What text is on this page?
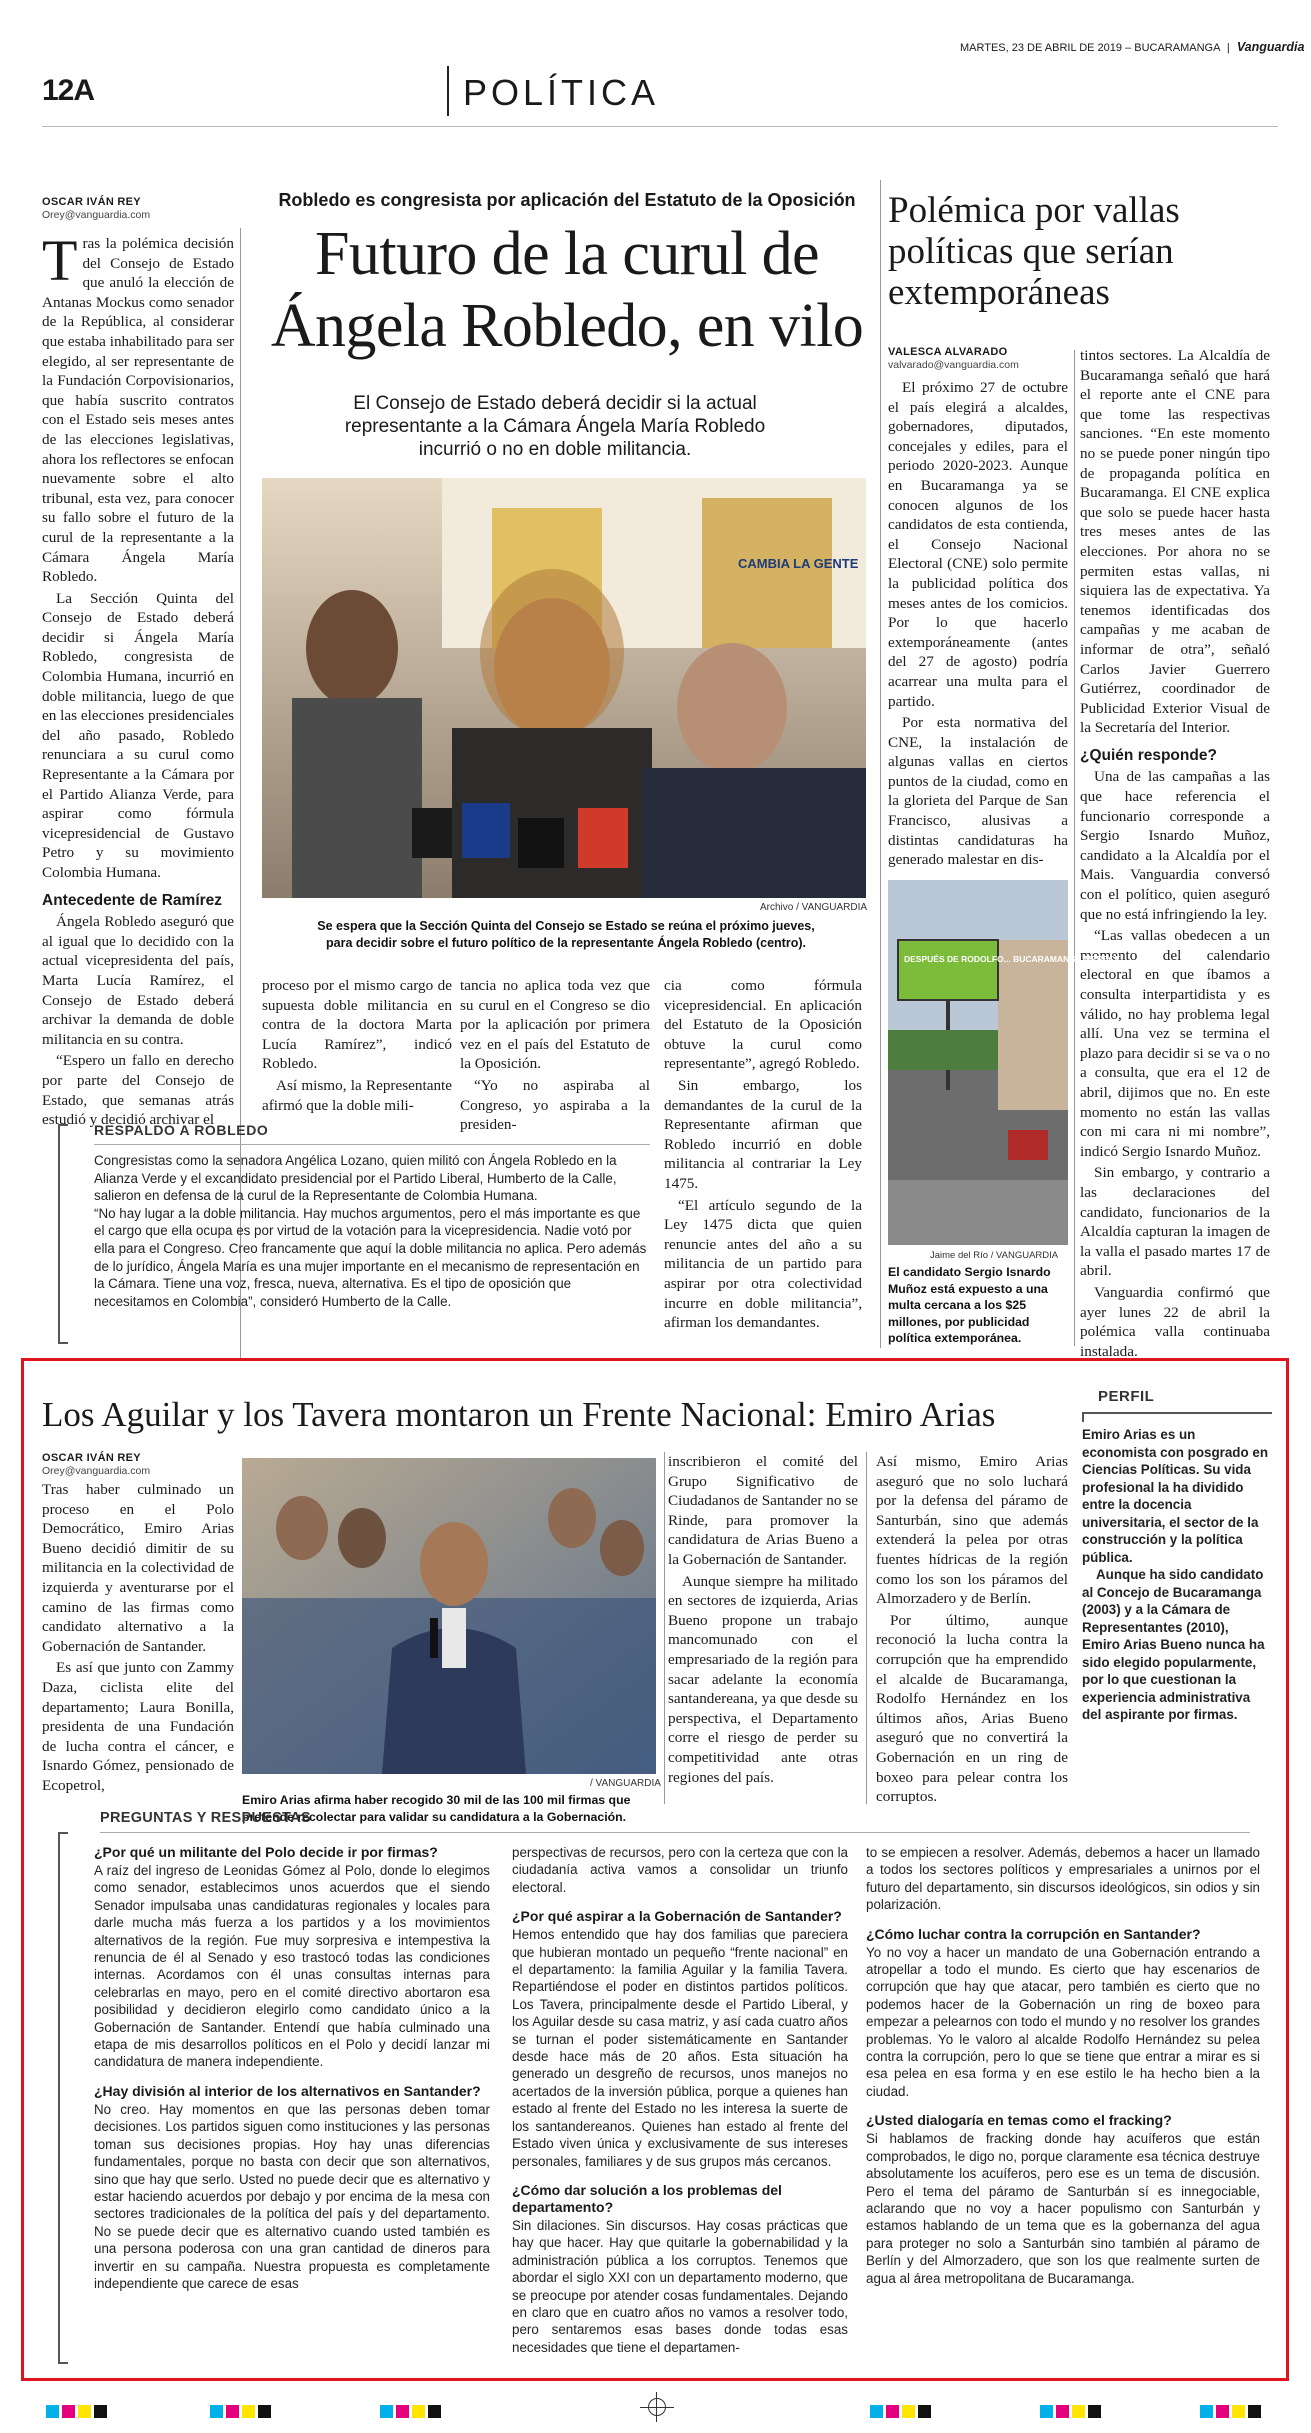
MARTES, 23 DE ABRIL DE 2019 – BUCARAMANGA | Vanguardia
12A	POLÍTICA
OSCAR IVÁN REY
Orey@vanguardia.com
Robledo es congresista por aplicación del Estatuto de la Oposición
Futuro de la curul de
Ángela Robledo, en vilo
El Consejo de Estado deberá decidir si la actual representante a la Cámara Ángela María Robledo incurrió o no en doble militancia.

Tras la polémica decisión del Consejo de Estado que anuló la elección de Antanas Mockus como senador de la República, al considerar que estaba inhabilitado para ser elegido, al ser representante de la Fundación Corpovisionarios, que había suscrito contratos con el Estado seis meses antes de las elecciones legislativas, ahora los reflectores se enfocan nuevamente sobre el alto tribunal, esta vez, para conocer su fallo sobre el futuro de la curul de la representante a la Cámara Ángela María Robledo.

La Sección Quinta del Consejo de Estado deberá decidir si Ángela María Robledo, congresista de Colombia Humana, incurrió en doble militancia, luego de que en las elecciones presidenciales del año pasado, Robledo renunciara a su curul como Representante a la Cámara por el Partido Alianza Verde, para aspirar como fórmula vicepresidencial de Gustavo Petro y su movimiento Colombia Humana.

Antecedente de Ramírez

Ángela Robledo aseguró que al igual que lo decidido con la actual vicepresidenta del país, Marta Lucía Ramírez, el Consejo de Estado deberá archivar la demanda de doble militancia en su contra.

“Espero un fallo en derecho por parte del Consejo de Estado, que semanas atrás estudió y decidió archivar el

CAMBIA LA GENTE
Archivo / VANGUARDIA
Se espera que la Sección Quinta del Consejo se Estado se reúna el próximo jueves, para decidir sobre el futuro político de la representante Ángela Robledo (centro).

proceso por el mismo cargo de supuesta doble militancia en contra de la doctora Marta Lucía Ramírez”, indicó Robledo.

Así mismo, la Representante afirmó que la doble mili-

tancia no aplica toda vez que su curul en el Congreso se dio por la aplicación por primera vez en el país del Estatuto de la Oposición.

“Yo no aspiraba al Congreso, yo aspiraba a la presiden-

cia como fórmula vicepresidencial. En aplicación del Estatuto de la Oposición obtuve la curul como representante”, agregó Robledo.

Sin embargo, los demandantes de la curul de la Representante afirman que Robledo incurrió en doble militancia al contrariar la Ley 1475.

“El artículo segundo de la Ley 1475 dicta que quien renuncie antes del año a su militancia de un partido para aspirar por otra colectividad incurre en doble militancia”, afirman los demandantes.

RESPALDO A ROBLEDO

Congresistas como la senadora Angélica Lozano, quien militó con Ángela Robledo en la Alianza Verde y el excandidato presidencial por el Partido Liberal, Humberto de la Calle, salieron en defensa de la curul de la Representante de Colombia Humana.

“No hay lugar a la doble militancia. Hay muchos argumentos, pero el más importante es que el cargo que ella ocupa es por virtud de la votación para la vicepresidencia. Nadie votó por ella para el Congreso. Creo francamente que aquí la doble militancia no aplica. Pero además de lo jurídico, Ángela María es una mujer importante en el mecanismo de representación en la Cámara. Tiene una voz, fresca, nueva, alternativa. Es el tipo de oposición que necesitamos en Colombia”, consideró Humberto de la Calle.

Polémica por vallas políticas que serían extemporáneas
VALESCA ALVARADO
valvarado@vanguardia.com

El próximo 27 de octubre el país elegirá a alcaldes, gobernadores, diputados, concejales y ediles, para el periodo 2020-2023. Aunque en Bucaramanga ya se conocen algunos de los candidatos de esta contienda, el Consejo Nacional Electoral (CNE) solo permite la publicidad política dos meses antes de los comicios. Por lo que hacerlo extemporáneamente (antes del 27 de agosto) podría acarrear una multa para el partido.

Por esta normativa del CNE, la instalación de algunas vallas en ciertos puntos de la ciudad, como en la glorieta del Parque de San Francisco, alusivas a distintas candidaturas ha generado malestar en dis-

tintos sectores. La Alcaldía de Bucaramanga señaló que hará el reporte ante el CNE para que tome las respectivas sanciones. “En este momento no se puede poner ningún tipo de propaganda política en Bucaramanga. El CNE explica que solo se puede hacer hasta tres meses antes de las elecciones. Por ahora no se permiten estas vallas, ni siquiera las de expectativa. Ya tenemos identificadas dos campañas y me acaban de informar de otra”, señaló Carlos Javier Guerrero Gutiérrez, coordinador de Publicidad Exterior Visual de la Secretaría del Interior.

¿Quién responde?

Una de las campañas a las que hace referencia el funcionario corresponde a Sergio Isnardo Muñoz, candidato a la Alcaldía por el Mais. Vanguardia conversó con el político, quien aseguró que no está infringiendo la ley.

“Las vallas obedecen a un momento del calendario electoral en que íbamos a consulta interpartidista y es válido, no hay problema legal allí. Una vez se termina el plazo para decidir si se va o no a consulta, que era el 12 de abril, dijimos que no. En este momento no están las vallas con mi cara ni mi nombre”, indicó Sergio Isnardo Muñoz.

Sin embargo, y contrario a las declaraciones del candidato, funcionarios de la Alcaldía capturan la imagen de la valla el pasado martes 17 de abril.

Vanguardia confirmó que ayer lunes 22 de abril la polémica valla continuaba instalada.

DESPUÉS DE RODOLFO... BUCARAMANGA MERECE...
Jaime del Río / VANGUARDIA
El candidato Sergio Isnardo Muñoz está expuesto a una multa cercana a los $25 millones, por publicidad política extemporánea.
Los Aguilar y los Tavera montaron un Frente Nacional: Emiro Arias
OSCAR IVÁN REY
Orey@vanguardia.com

Tras haber culminado un proceso en el Polo Democrático, Emiro Arias Bueno decidió dimitir de su militancia en la colectividad de izquierda y aventurarse por el camino de las firmas como candidato alternativo a la Gobernación de Santander.

Es así que junto con Zammy Daza, ciclista elite del departamento; Laura Bonilla, presidenta de una Fundación de lucha contra el cáncer, e Isnardo Gómez, pensionado de Ecopetrol,	/ VANGUARDIA
Emiro Arias afirma haber recogido 30 mil de las 100 mil firmas que pretende recolectar para validar su candidatura a la Gobernación.

inscribieron el comité del Grupo Significativo de Ciudadanos de Santander no se Rinde, para promover la candidatura de Arias Bueno a la Gobernación de Santander.

Aunque siempre ha militado en sectores de izquierda, Arias Bueno propone un trabajo mancomunado con el empresariado de la región para sacar adelante la economía santandereana, ya que desde su perspectiva, el Departamento corre el riesgo de perder su competitividad ante otras regiones del país.

Así mismo, Emiro Arias aseguró que no solo luchará por la defensa del páramo de Santurbán, sino que además extenderá la pelea por otras fuentes hídricas de la región como los son los páramos del Almorzadero y de Berlín.

Por último, aunque reconoció la lucha contra la corrupción que ha emprendido el alcalde de Bucaramanga, Rodolfo Hernández en los últimos años, Arias Bueno aseguró que no convertirá la Gobernación en un ring de boxeo para pelear contra los corruptos.

PERFIL

Emiro Arias es un economista con posgrado en Ciencias Políticas. Su vida profesional la ha dividido entre la docencia universitaria, el sector de la construcción y la política pública.

Aunque ha sido candidato al Concejo de Bucaramanga (2003) y a la Cámara de Representantes (2010), Emiro Arias Bueno nunca ha sido elegido popularmente, por lo que cuestionan la experiencia administrativa del aspirante por firmas.

PREGUNTAS Y RESPUESTAS
¿Por qué un militante del Polo decide ir por firmas?

A raíz del ingreso de Leonidas Gómez al Polo, donde lo elegimos como senador, establecimos unos acuerdos que el siendo Senador impulsaba unas candidaturas regionales y locales para darle mucha más fuerza a los partidos y a los movimientos alternativos de la región. Fue muy sorpresiva e intempestiva la renuncia de él al Senado y eso trastocó todas las condiciones internas. Acordamos con él unas consultas internas para celebrarlas en mayo, pero en el comité directivo abortaron esa posibilidad y decidieron elegirlo como candidato único a la Gobernación de Santander. Entendí que había culminado una etapa de mis desarrollos políticos en el Polo y decidí lanzar mi candidatura de manera independiente.

¿Hay división al interior de los alternativos en Santander?

No creo. Hay momentos en que las personas deben tomar decisiones. Los partidos siguen como instituciones y las personas toman sus decisiones propias. Hoy hay unas diferencias fundamentales, porque no basta con decir que son alternativos, sino que hay que serlo. Usted no puede decir que es alternativo y estar haciendo acuerdos por debajo y por encima de la mesa con sectores tradicionales de la política del país y del departamento. No se puede decir que es alternativo cuando usted también es una persona poderosa con una gran cantidad de dineros para invertir en su campaña. Nuestra propuesta es completamente independiente que carece de esas

perspectivas de recursos, pero con la certeza que con la ciudadanía activa vamos a consolidar un triunfo electoral.

¿Por qué aspirar a la Gobernación de Santander?

Hemos entendido que hay dos familias que pareciera que hubieran montado un pequeño “frente nacional” en el departamento: la familia Aguilar y la familia Tavera. Repartiéndose el poder en distintos partidos políticos. Los Tavera, principalmente desde el Partido Liberal, y los Aguilar desde su casa matriz, y así cada cuatro años se turnan el poder sistemáticamente en Santander desde hace más de 20 años. Esta situación ha generado un desgreño de recursos, unos manejos no acertados de la inversión pública, porque a quienes han estado al frente del Estado no les interesa la suerte de los santandereanos. Quienes han estado al frente del Estado viven única y exclusivamente de sus intereses personales, familiares y de sus grupos más cercanos.

¿Cómo dar solución a los problemas del departamento?

Sin dilaciones. Sin discursos. Hay cosas prácticas que hay que hacer. Hay que quitarle la gobernabilidad y la administración pública a los corruptos. Tenemos que abordar el siglo XXI con un departamento moderno, que se preocupe por atender cosas fundamentales. Dejando en claro que en cuatro años no vamos a resolver todo, pero sentaremos esas bases donde todas esas necesidades que tiene el departamen-

to se empiecen a resolver. Además, debemos a hacer un llamado a todos los sectores políticos y empresariales a unirnos por el futuro del departamento, sin discursos ideológicos, sin odios y sin polarización.

¿Cómo luchar contra la corrupción en Santander?

Yo no voy a hacer un mandato de una Gobernación entrando a atropellar a todo el mundo. Es cierto que hay escenarios de corrupción que hay que atacar, pero también es cierto que no podemos hacer de la Gobernación un ring de boxeo para empezar a pelearnos con todo el mundo y no resolver los grandes problemas. Yo le valoro al alcalde Rodolfo Hernández su pelea contra la corrupción, pero lo que se tiene que entrar a mirar es si esa pelea en esa forma y en ese estilo le ha hecho bien a la ciudad.

¿Usted dialogaría en temas como el fracking?

Si hablamos de fracking donde hay acuíferos que están comprobados, le digo no, porque claramente esa técnica destruye absolutamente los acuíferos, pero ese es un tema de discusión. Pero el tema del páramo de Santurbán sí es innegociable, aclarando que no voy a hacer populismo con Santurbán y estamos hablando de un tema que es la gobernanza del agua para proteger no solo a Santurbán sino también al páramo de Berlín y del Almorzadero, que son los que realmente surten de agua al área metropolitana de Bucaramanga.
